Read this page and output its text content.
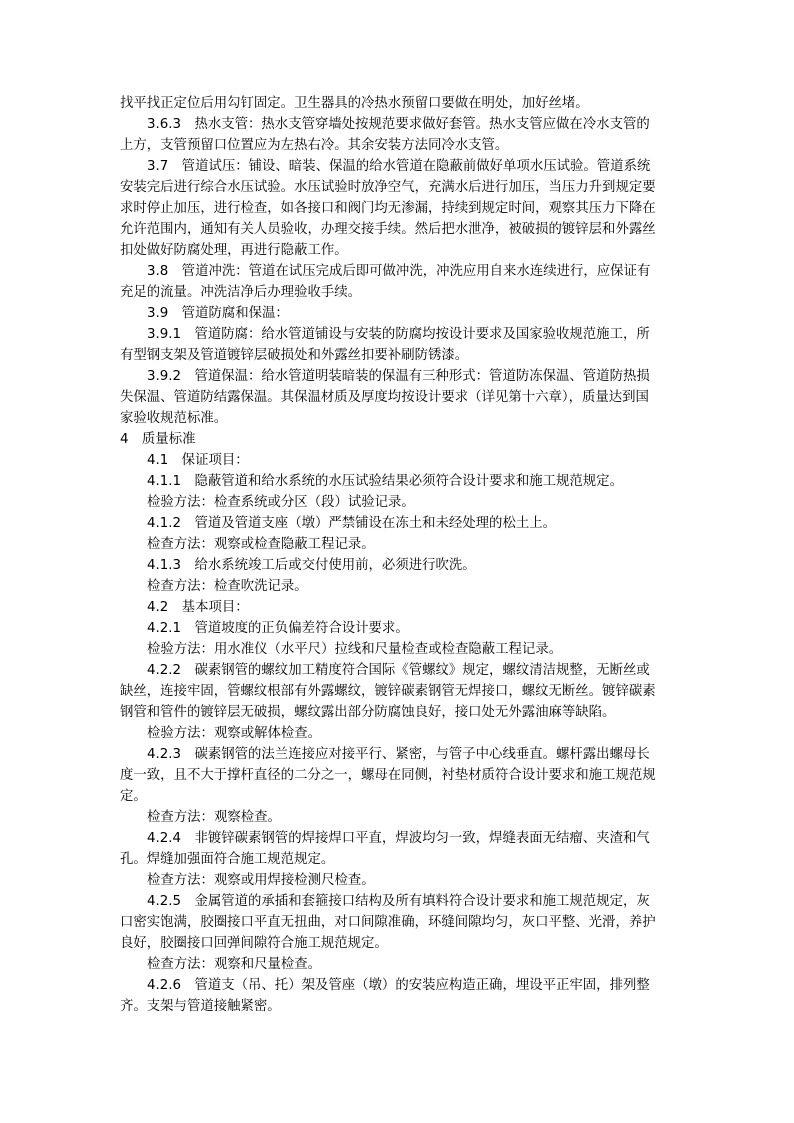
找平找正定位后用勾钉固定。卫生器具的冷热水预留口要做在明处，加好丝堵。
3.6.3　热水支管：热水支管穿墙处按规范要求做好套管。热水支管应做在冷水支管的
上方，支管预留口位置应为左热右冷。其余安装方法同冷水支管。
3.7　管道试压：铺设、暗装、保温的给水管道在隐蔽前做好单项水压试验。管道系统
安装完后进行综合水压试验。水压试验时放净空气，充满水后进行加压，当压力升到规定要
求时停止加压，进行检查，如各接口和阀门均无渗漏，持续到规定时间，观察其压力下降在
允许范围内，通知有关人员验收，办理交接手续。然后把水泄净，被破损的镀锌层和外露丝
扣处做好防腐处理，再进行隐蔽工作。
3.8　管道冲洗：管道在试压完成后即可做冲洗，冲洗应用自来水连续进行，应保证有
充足的流量。冲洗洁净后办理验收手续。
3.9　管道防腐和保温：
3.9.1　管道防腐：给水管道铺设与安装的防腐均按设计要求及国家验收规范施工，所
有型钢支架及管道镀锌层破损处和外露丝扣要补刷防锈漆。
3.9.2　管道保温：给水管道明装暗装的保温有三种形式：管道防冻保温、管道防热损
失保温、管道防结露保温。其保温材质及厚度均按设计要求（详见第十六章），质量达到国
家验收规范标准。
4　质量标准
4.1　保证项目：
4.1.1　隐蔽管道和给水系统的水压试验结果必须符合设计要求和施工规范规定。
检验方法：检查系统或分区（段）试验记录。
4.1.2　管道及管道支座（墩）严禁铺设在冻土和未经处理的松土上。
检查方法：观察或检查隐蔽工程记录。
4.1.3　给水系统竣工后或交付使用前，必须进行吹洗。
检查方法：检查吹洗记录。
4.2　基本项目：
4.2.1　管道坡度的正负偏差符合设计要求。
检验方法：用水准仪（水平尺）拉线和尺量检查或检查隐蔽工程记录。
4.2.2　碳素钢管的螺纹加工精度符合国际《管螺纹》规定，螺纹清洁规整，无断丝或
缺丝，连接牢固，管螺纹根部有外露螺纹，镀锌碳素钢管无焊接口，螺纹无断丝。镀锌碳素
钢管和管件的镀锌层无破损，螺纹露出部分防腐蚀良好，接口处无外露油麻等缺陷。
检验方法：观察或解体检查。
4.2.3　碳素钢管的法兰连接应对接平行、紧密，与管子中心线垂直。螺杆露出螺母长
度一致，且不大于撑杆直径的二分之一，螺母在同侧，衬垫材质符合设计要求和施工规范规
定。
检查方法：观察检查。
4.2.4　非镀锌碳素钢管的焊接焊口平直，焊波均匀一致，焊缝表面无结瘤、夹渣和气
孔。焊缝加强面符合施工规范规定。
检查方法：观察或用焊接检测尺检查。
4.2.5　金属管道的承插和套箍接口结构及所有填料符合设计要求和施工规范规定，灰
口密实饱满，胶圈接口平直无扭曲，对口间隙准确，环缝间隙均匀，灰口平整、光滑，养护
良好，胶圈接口回弹间隙符合施工规范规定。
检查方法：观察和尺量检查。
4.2.6　管道支（吊、托）架及管座（墩）的安装应构造正确，埋设平正牢固，排列整
齐。支架与管道接触紧密。
